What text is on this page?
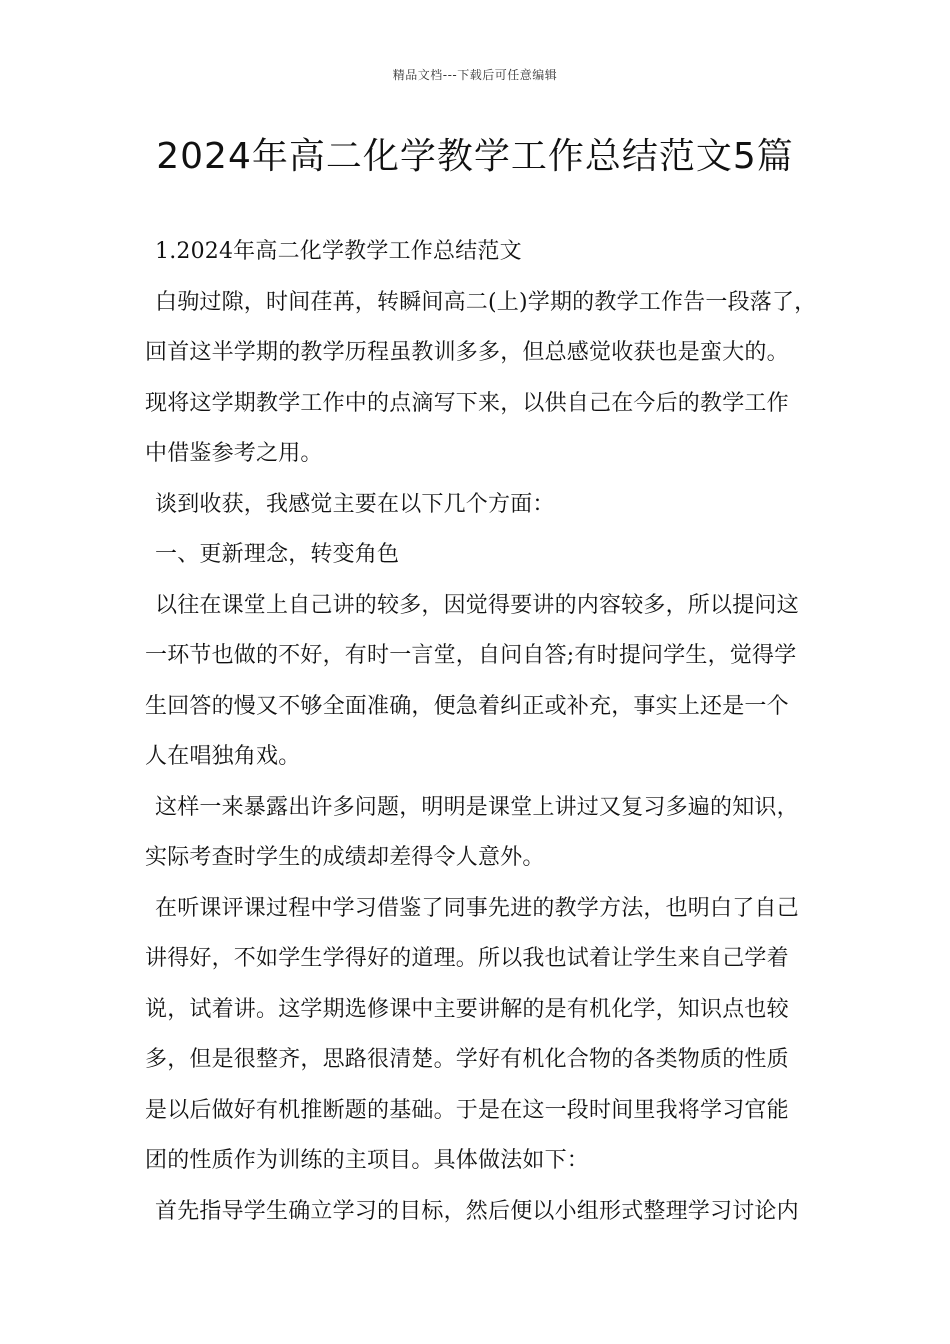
精品文档---下载后可任意编辑
2024年高二化学教学工作总结范文5篇
1.2024年高二化学教学工作总结范文
白驹过隙，时间荏苒，转瞬间高二(上)学期的教学工作告一段落了，
回首这半学期的教学历程虽教训多多，但总感觉收获也是蛮大的。
现将这学期教学工作中的点滴写下来，以供自己在今后的教学工作
中借鉴参考之用。
谈到收获，我感觉主要在以下几个方面：
一、更新理念，转变角色
以往在课堂上自己讲的较多，因觉得要讲的内容较多，所以提问这
一环节也做的不好，有时一言堂，自问自答;有时提问学生，觉得学
生回答的慢又不够全面准确，便急着纠正或补充，事实上还是一个
人在唱独角戏。
这样一来暴露出许多问题，明明是课堂上讲过又复习多遍的知识，
实际考查时学生的成绩却差得令人意外。
在听课评课过程中学习借鉴了同事先进的教学方法，也明白了自己
讲得好，不如学生学得好的道理。所以我也试着让学生来自己学着
说，试着讲。这学期选修课中主要讲解的是有机化学，知识点也较
多，但是很整齐，思路很清楚。学好有机化合物的各类物质的性质
是以后做好有机推断题的基础。于是在这一段时间里我将学习官能
团的性质作为训练的主项目。具体做法如下：
首先指导学生确立学习的目标，然后便以小组形式整理学习讨论内
